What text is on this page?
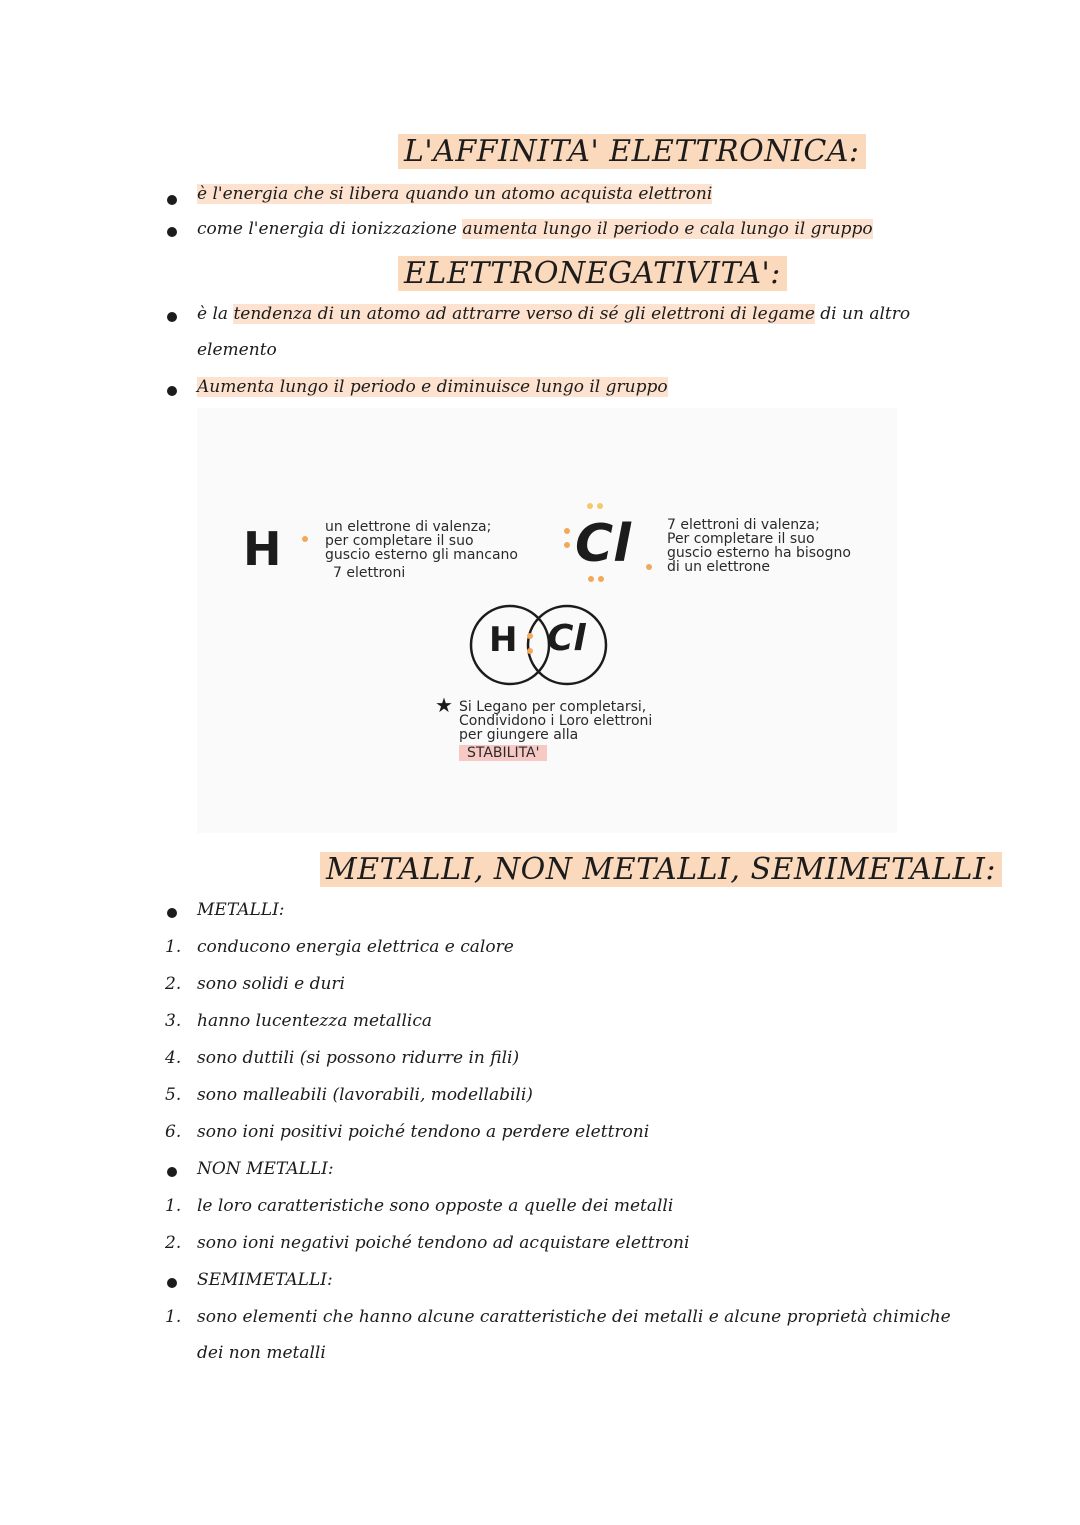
L'AFFINITA' ELETTRONICA:
è l'energia che si libera quando un atomo acquista elettroni
come l'energia di ionizzazione aumenta lungo il periodo e cala lungo il gruppo
ELETTRONEGATIVITA':
è la tendenza di un atomo ad attrarre verso di sé gli elettroni di legame di un altro
elemento
Aumenta lungo il periodo e diminuisce lungo il gruppo
H	un elettrone di valenza;
per completare il suo
guscio esterno gli mancano
7 elettroni	Cl	7 elettroni di valenza;
Per completare il suo
guscio esterno ha bisogno
di un elettrone
H Cl
★ Si Legano per completarsi,
Condividono i Loro elettroni
per giungere alla
STABILITA'
METALLI, NON METALLI, SEMIMETALLI:
METALLI:
1. conducono energia elettrica e calore
2. sono solidi e duri
3. hanno lucentezza metallica
4. sono duttili (si possono ridurre in fili)
5. sono malleabili (lavorabili, modellabili)
6. sono ioni positivi poiché tendono a perdere elettroni
NON METALLI:
1. le loro caratteristiche sono opposte a quelle dei metalli
2. sono ioni negativi poiché tendono ad acquistare elettroni
SEMIMETALLI:
1. sono elementi che hanno alcune caratteristiche dei metalli e alcune proprietà chimiche
dei non metalli
